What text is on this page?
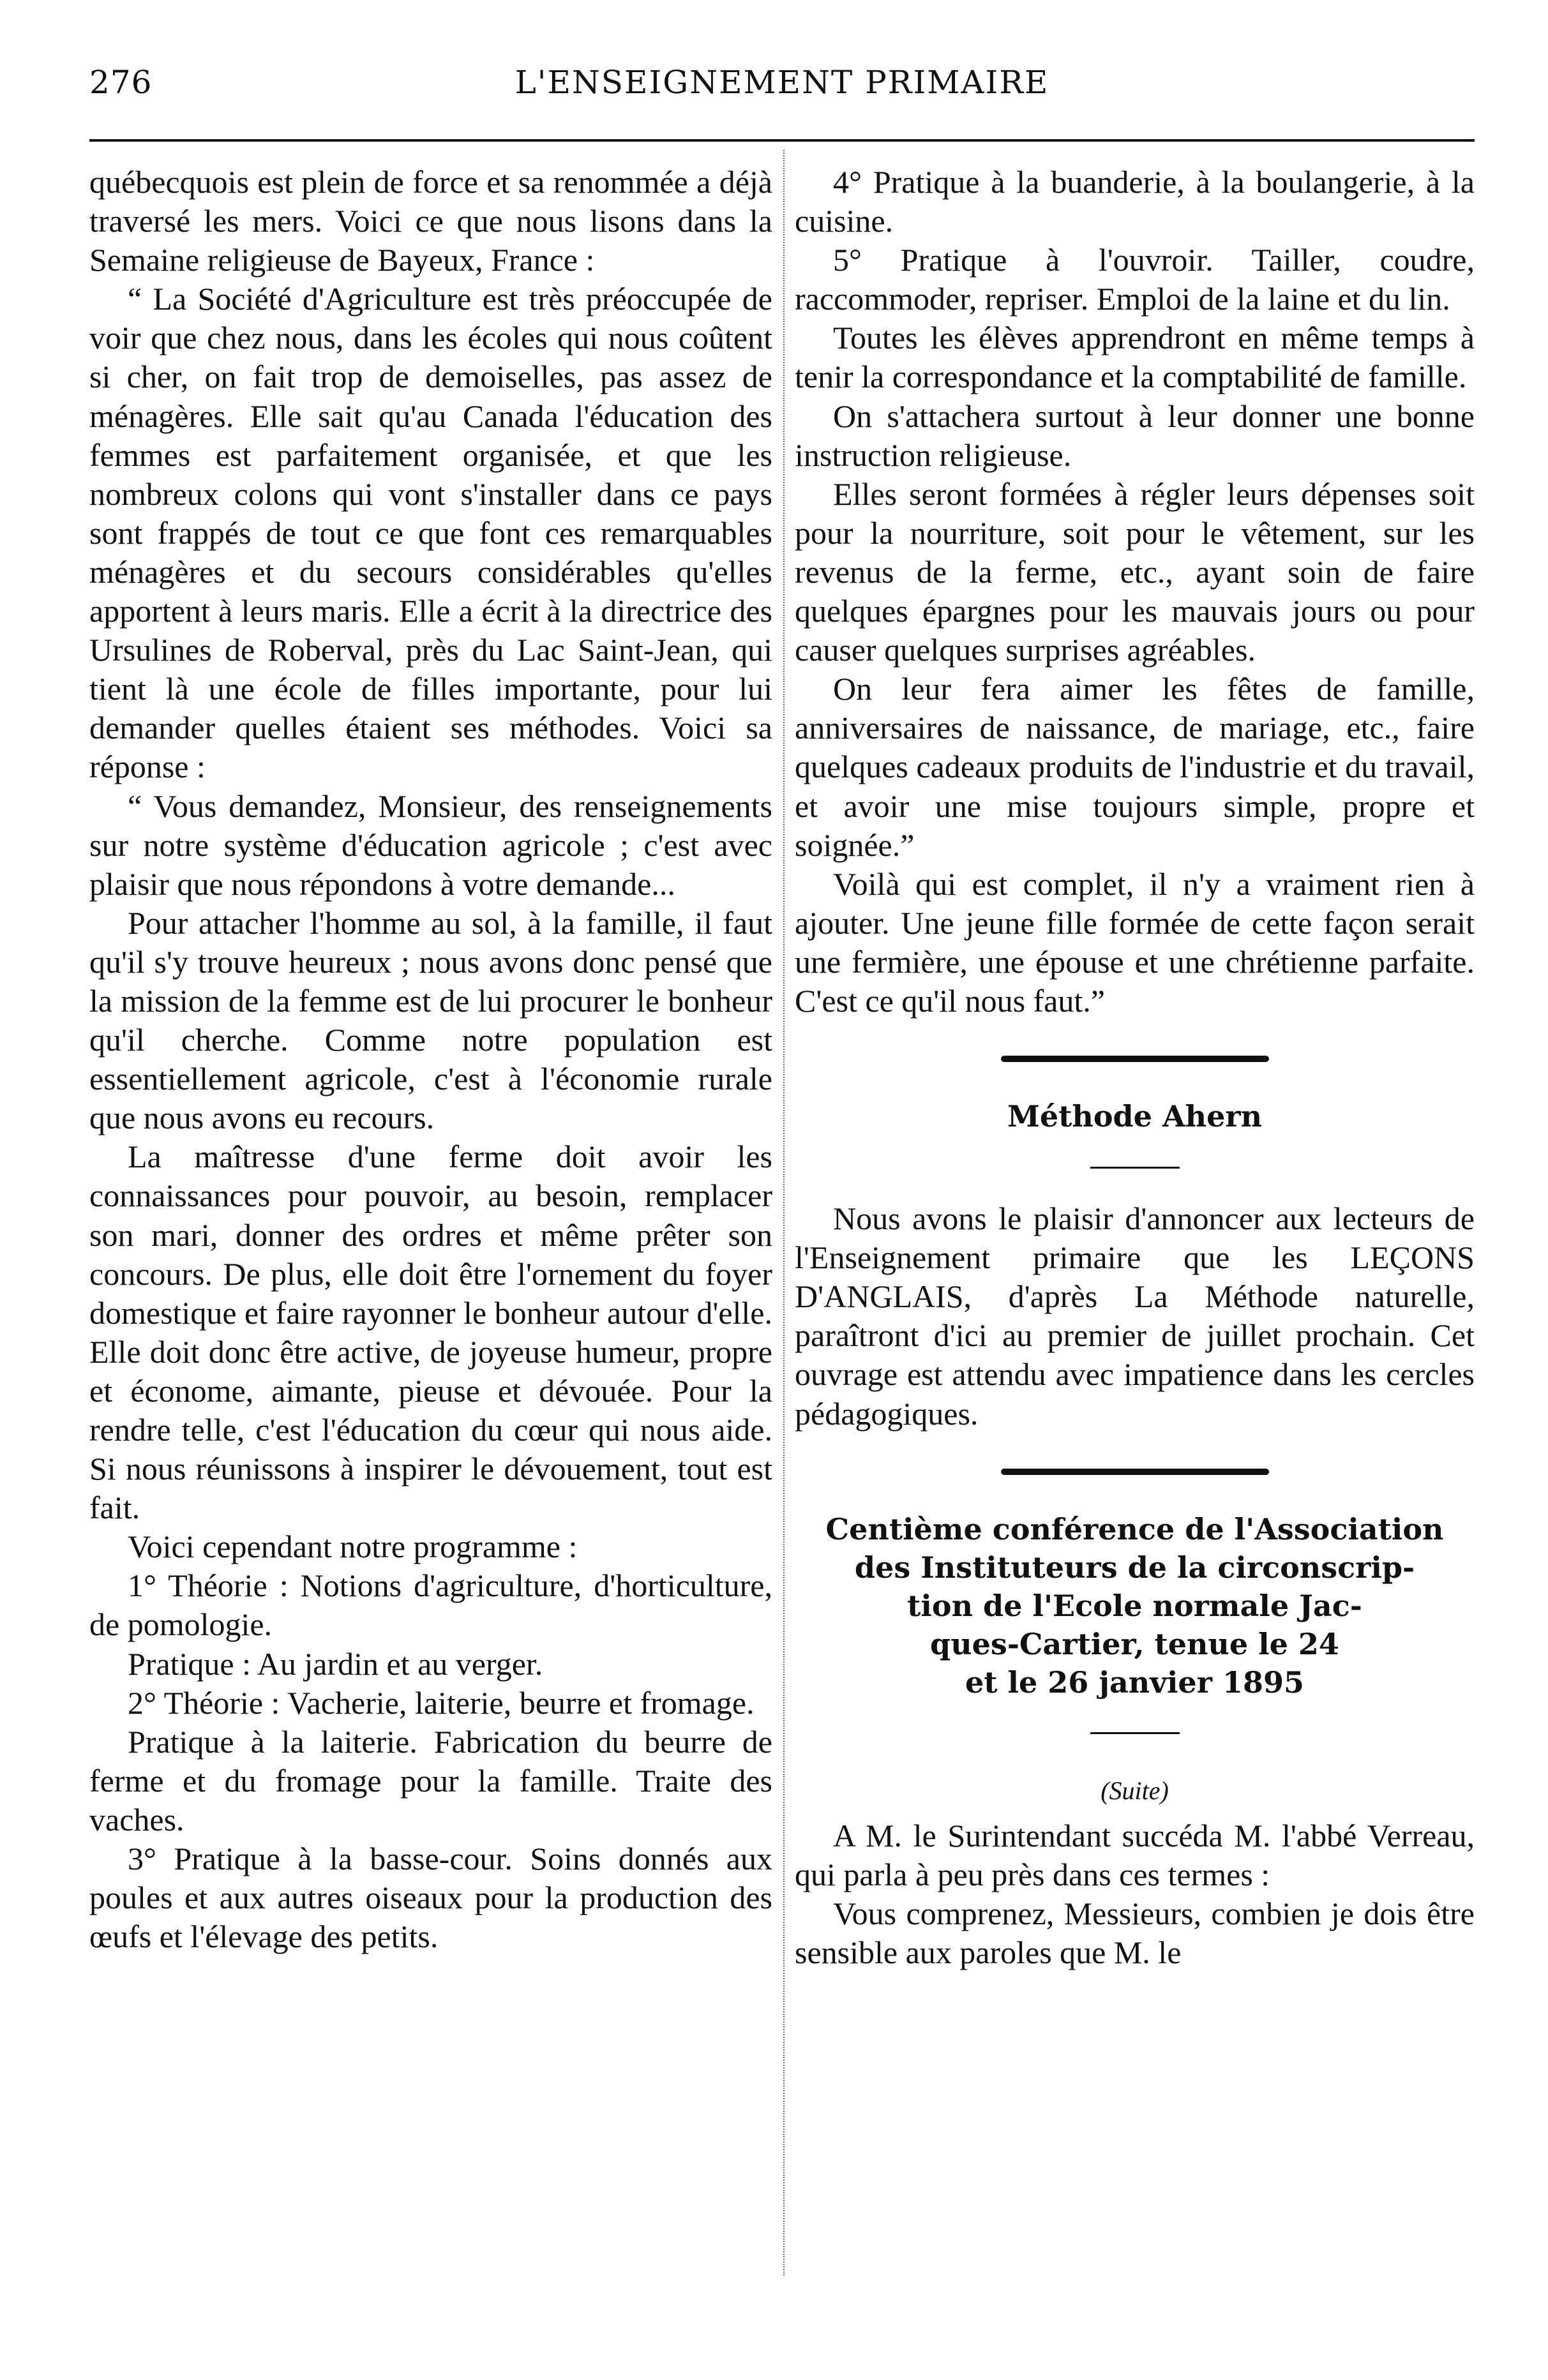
276	L'ENSEIGNEMENT PRIMAIRE

québecquois est plein de force et sa renommée a déjà traversé les mers. Voici ce que nous lisons dans la Semaine religieuse de Bayeux, France :

“ La Société d'Agriculture est très préoccupée de voir que chez nous, dans les écoles qui nous coûtent si cher, on fait trop de demoiselles, pas assez de ménagères. Elle sait qu'au Canada l'éducation des femmes est parfaitement organisée, et que les nombreux colons qui vont s'installer dans ce pays sont frappés de tout ce que font ces remarquables ménagères et du secours considérables qu'elles apportent à leurs maris. Elle a écrit à la directrice des Ursulines de Roberval, près du Lac Saint-Jean, qui tient là une école de filles importante, pour lui demander quelles étaient ses méthodes. Voici sa réponse :

“ Vous demandez, Monsieur, des renseignements sur notre système d'éducation agricole ; c'est avec plaisir que nous répondons à votre demande...

Pour attacher l'homme au sol, à la famille, il faut qu'il s'y trouve heureux ; nous avons donc pensé que la mission de la femme est de lui procurer le bonheur qu'il cherche. Comme notre population est essentiellement agricole, c'est à l'économie rurale que nous avons eu recours.

La maîtresse d'une ferme doit avoir les connaissances pour pouvoir, au besoin, remplacer son mari, donner des ordres et même prêter son concours. De plus, elle doit être l'ornement du foyer domestique et faire rayonner le bonheur autour d'elle. Elle doit donc être active, de joyeuse humeur, propre et économe, aimante, pieuse et dévouée. Pour la rendre telle, c'est l'éducation du cœur qui nous aide. Si nous réunissons à inspirer le dévouement, tout est fait.

Voici cependant notre programme :

1° Théorie : Notions d'agriculture, d'horticulture, de pomologie.

Pratique : Au jardin et au verger.

2° Théorie : Vacherie, laiterie, beurre et fromage.

Pratique à la laiterie. Fabrication du beurre de ferme et du fromage pour la famille. Traite des vaches.

3° Pratique à la basse-cour. Soins donnés aux poules et aux autres oiseaux pour la production des œufs et l'élevage des petits.

4° Pratique à la buanderie, à la boulangerie, à la cuisine.

5° Pratique à l'ouvroir. Tailler, coudre, raccommoder, repriser. Emploi de la laine et du lin.

Toutes les élèves apprendront en même temps à tenir la correspondance et la comptabilité de famille.

On s'attachera surtout à leur donner une bonne instruction religieuse.

Elles seront formées à régler leurs dépenses soit pour la nourriture, soit pour le vêtement, sur les revenus de la ferme, etc., ayant soin de faire quelques épargnes pour les mauvais jours ou pour causer quelques surprises agréables.

On leur fera aimer les fêtes de famille, anniversaires de naissance, de mariage, etc., faire quelques cadeaux produits de l'industrie et du travail, et avoir une mise toujours simple, propre et soignée.”

Voilà qui est complet, il n'y a vraiment rien à ajouter. Une jeune fille formée de cette façon serait une fermière, une épouse et une chrétienne parfaite. C'est ce qu'il nous faut.”

Méthode Ahern

Nous avons le plaisir d'annoncer aux lecteurs de l'Enseignement primaire que les LEÇONS D'ANGLAIS, d'après La Méthode naturelle, paraîtront d'ici au premier de juillet prochain. Cet ouvrage est attendu avec impatience dans les cercles pédagogiques.

Centième conférence de l'Association
des Instituteurs de la circonscrip-
tion de l'Ecole normale Jac-
ques-Cartier, tenue le 24
et le 26 janvier 1895
(Suite)

A M. le Surintendant succéda M. l'abbé Verreau, qui parla à peu près dans ces termes :

Vous comprenez, Messieurs, combien je dois être sensible aux paroles que M. le
